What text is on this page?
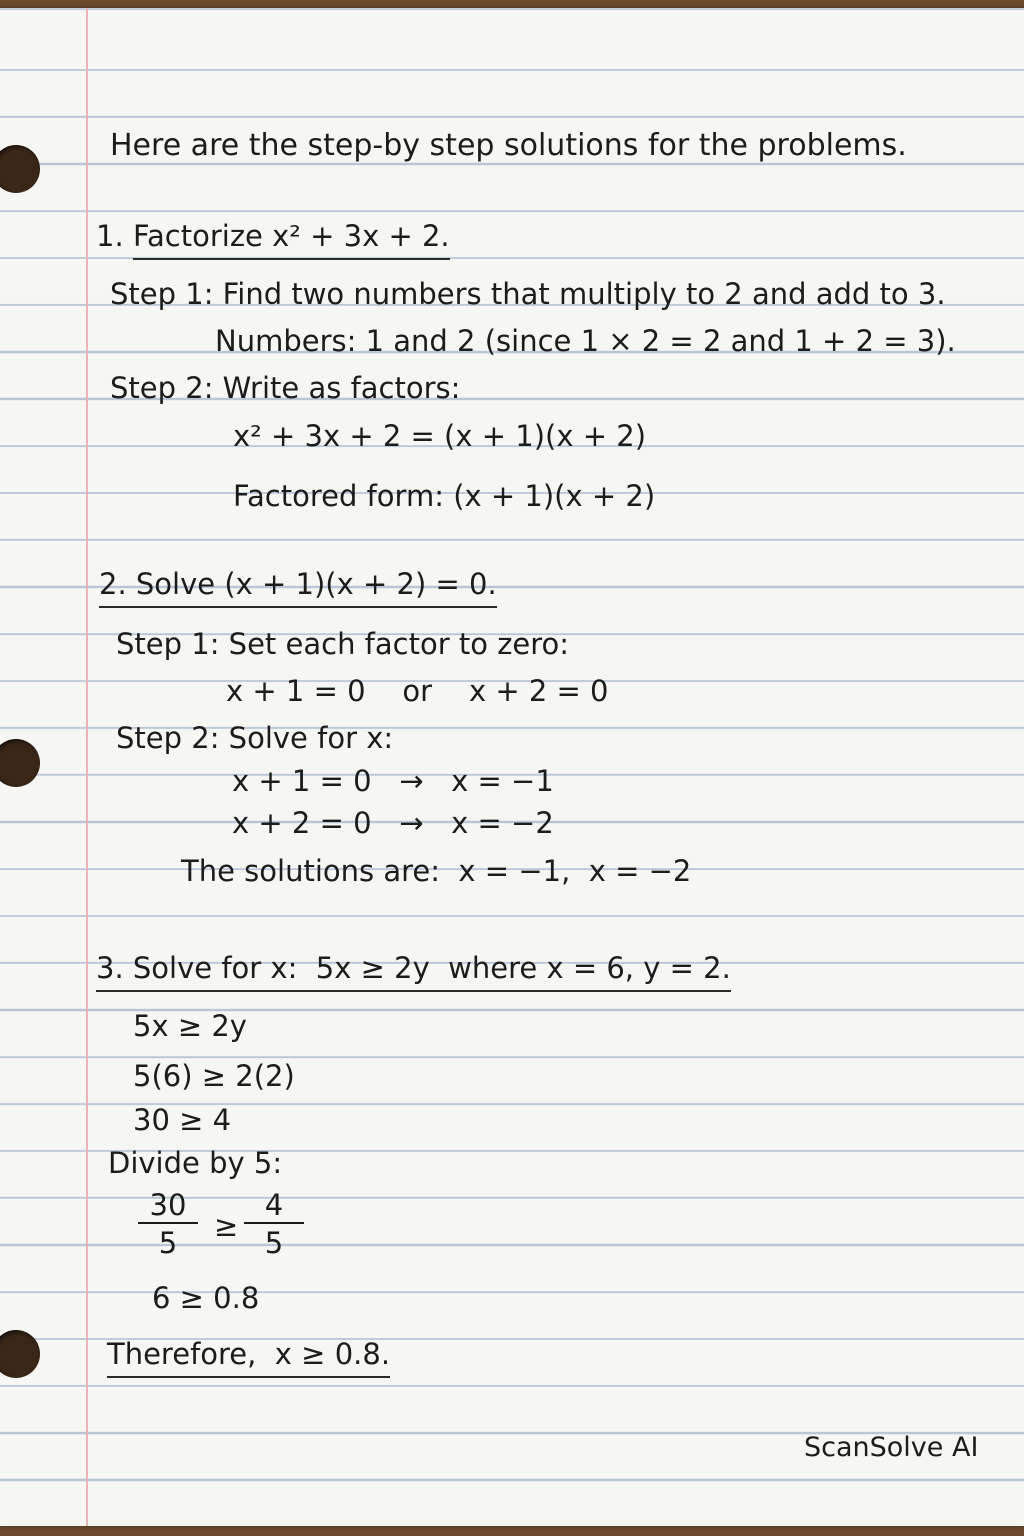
Here are the step-by step solutions for the problems.
1. Factorize x² + 3x + 2.
Step 1: Find two numbers that multiply to 2 and add to 3.
Numbers: 1 and 2 (since 1 × 2 = 2 and 1 + 2 = 3).
Step 2: Write as factors:
x² + 3x + 2 = (x + 1)(x + 2)
Factored form: (x + 1)(x + 2)
2. Solve (x + 1)(x + 2) = 0.
Step 1: Set each factor to zero:
x + 1 = 0    or    x + 2 = 0
Step 2: Solve for x:
x + 1 = 0   →   x = −1
x + 2 = 0   →   x = −2
The solutions are:  x = −1,  x = −2
3. Solve for x:  5x ≥ 2y  where x = 6, y = 2.
5x ≥ 2y
5(6) ≥ 2(2)
30 ≥ 4
Divide by 5:
$\frac{30}{5} \ge \frac{4}{5}$
6 ≥ 0.8
Therefore,  x ≥ 0.8.
ScanSolve AI
